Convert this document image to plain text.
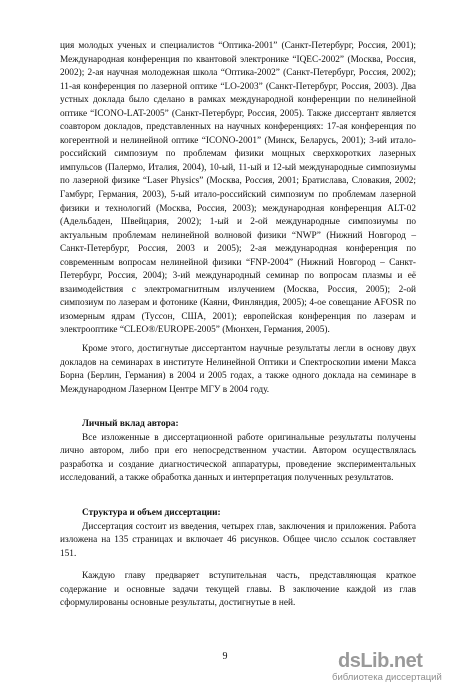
ция молодых ученых и специалистов “Оптика-2001” (Санкт-Петербург, Россия, 2001); Международная конференция по квантовой электронике “IQEC-2002” (Москва, Россия, 2002); 2-ая научная молодежная школа “Оптика-2002” (Санкт-Петербург, Россия, 2002); 11-ая конференция по лазерной оптике “LO-2003” (Санкт-Петербург, Россия, 2003). Два устных доклада было сделано в рамках международной конференции по нелинейной оптике “ICONO-LAT-2005” (Санкт-Петербург, Россия, 2005). Также диссертант является соавтором докладов, представленных на научных конференциях: 17-ая конференция по когерентной и нелинейной оптике “ICONO-2001” (Минск, Беларусь, 2001); 3-ий итало-российский симпозиум по проблемам физики мощных сверхкоротких лазерных импульсов (Палермо, Италия, 2004), 10-ый, 11-ый и 12-ый международные симпозиумы по лазерной физике “Laser Physics” (Москва, Россия, 2001; Братислава, Словакия, 2002; Гамбург, Германия, 2003), 5-ый итало-российский симпозиум по проблемам лазерной физики и технологий (Москва, Россия, 2003); международная конференция ALT-02 (Адельбаден, Швейцария, 2002); 1-ый и 2-ой международные симпозиумы по актуальным проблемам нелинейной волновой физики “NWP” (Нижний Новгород – Санкт-Петербург, Россия, 2003 и 2005); 2-ая международная конференция по современным вопросам нелинейной физики “FNP-2004” (Нижний Новгород – Санкт-Петербург, Россия, 2004); 3-ий международный семинар по вопросам плазмы и её взаимодействия с электромагнитным излучением (Москва, Россия, 2005); 2-ой симпозиум по лазерам и фотонике (Каяни, Финляндия, 2005); 4-ое совещание AFOSR по изомерным ядрам (Туссон, США, 2001); европейская конференция по лазерам и электрооптике “CLEO®/EUROPE-2005” (Мюнхен, Германия, 2005).

Кроме этого, достигнутые диссертантом научные результаты легли в основу двух докладов на семинарах в институте Нелинейной Оптики и Спектроскопии имени Макса Борна (Берлин, Германия) в 2004 и 2005 годах, а также одного доклада на семинаре в Международном Лазерном Центре МГУ в 2004 году.

Личный вклад автора:

Все изложенные в диссертационной работе оригинальные результаты получены лично автором, либо при его непосредственном участии. Автором осуществлялась разработка и создание диагностической аппаратуры, проведение экспериментальных исследований, а также обработка данных и интерпретация полученных результатов.

Структура и объем диссертации:

Диссертация состоит из введения, четырех глав, заключения и приложения. Работа изложена на 135 страницах и включает 46 рисунков. Общее число ссылок составляет 151.

Каждую главу предваряет вступительная часть, представляющая краткое содержание и основные задачи текущей главы. В заключение каждой из глав сформулированы основные результаты, достигнутые в ней.

9	dsLib.net
библиотека диссертаций
